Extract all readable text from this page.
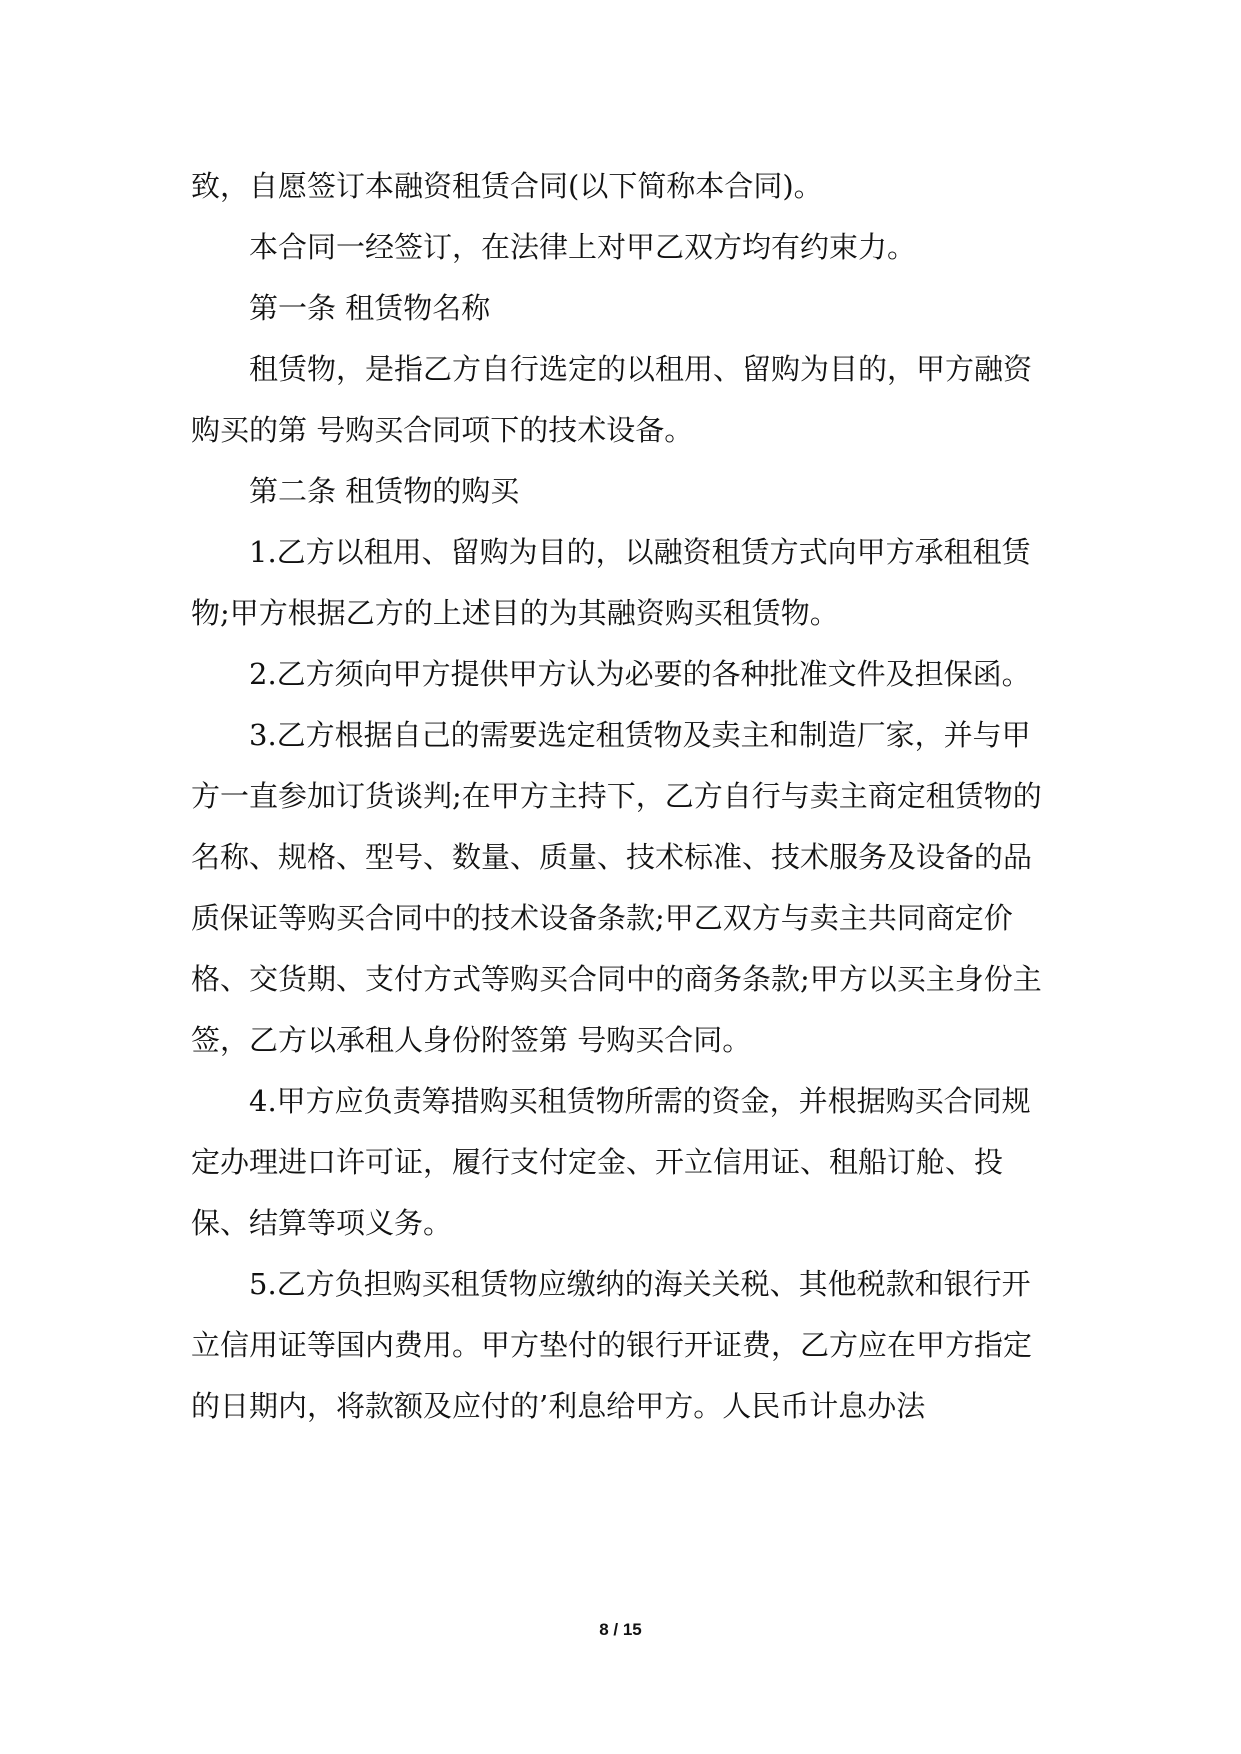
致，自愿签订本融资租赁合同(以下简称本合同)。

本合同一经签订，在法律上对甲乙双方均有约束力。

第一条 租赁物名称

租赁物，是指乙方自行选定的以租用、留购为目的，甲方融资购买的第 号购买合同项下的技术设备。

第二条 租赁物的购买

1.乙方以租用、留购为目的，以融资租赁方式向甲方承租租赁物;甲方根据乙方的上述目的为其融资购买租赁物。

2.乙方须向甲方提供甲方认为必要的各种批准文件及担保函。

3.乙方根据自己的需要选定租赁物及卖主和制造厂家，并与甲方一直参加订货谈判;在甲方主持下，乙方自行与卖主商定租赁物的名称、规格、型号、数量、质量、技术标准、技术服务及设备的品质保证等购买合同中的技术设备条款;甲乙双方与卖主共同商定价格、交货期、支付方式等购买合同中的商务条款;甲方以买主身份主签，乙方以承租人身份附签第 号购买合同。

4.甲方应负责筹措购买租赁物所需的资金，并根据购买合同规定办理进口许可证，履行支付定金、开立信用证、租船订舱、投保、结算等项义务。

5.乙方负担购买租赁物应缴纳的海关关税、其他税款和银行开立信用证等国内费用。甲方垫付的银行开证费，乙方应在甲方指定的日期内，将款额及应付的’利息给甲方。人民币计息办法

8 / 15
